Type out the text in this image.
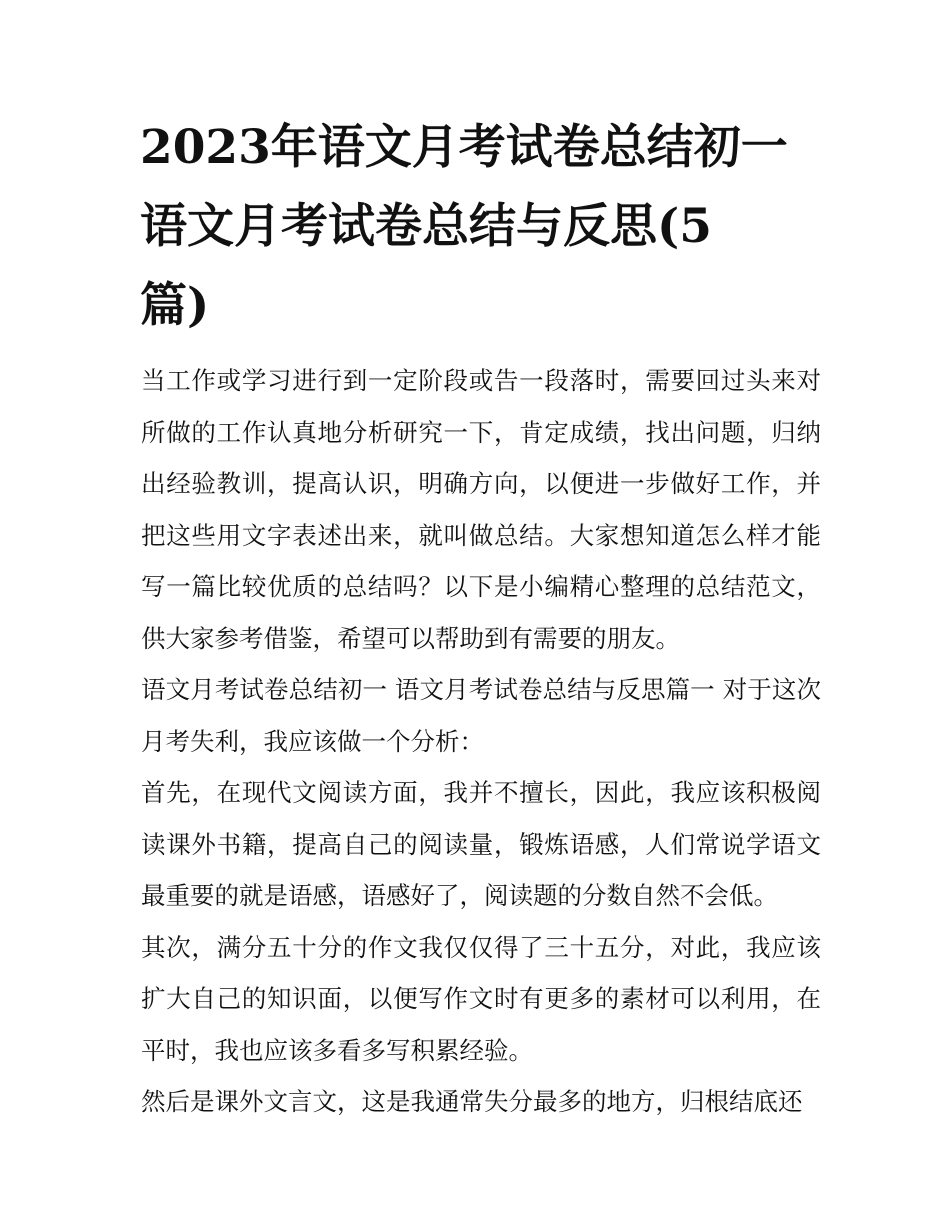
2023年语文月考试卷总结初一
语文月考试卷总结与反思(5
篇)

当工作或学习进行到一定阶段或告一段落时，需要回过头来对所做的工作认真地分析研究一下，肯定成绩，找出问题，归纳出经验教训，提高认识，明确方向，以便进一步做好工作，并把这些用文字表述出来，就叫做总结。大家想知道怎么样才能写一篇比较优质的总结吗？以下是小编精心整理的总结范文，供大家参考借鉴，希望可以帮助到有需要的朋友。

语文月考试卷总结初一 语文月考试卷总结与反思篇一 对于这次月考失利，我应该做一个分析：

首先，在现代文阅读方面，我并不擅长，因此，我应该积极阅读课外书籍，提高自己的阅读量，锻炼语感，人们常说学语文最重要的就是语感，语感好了，阅读题的分数自然不会低。

其次，满分五十分的作文我仅仅得了三十五分，对此，我应该扩大自己的知识面，以便写作文时有更多的素材可以利用，在平时，我也应该多看多写积累经验。

然后是课外文言文，这是我通常失分最多的地方，归根结底还
